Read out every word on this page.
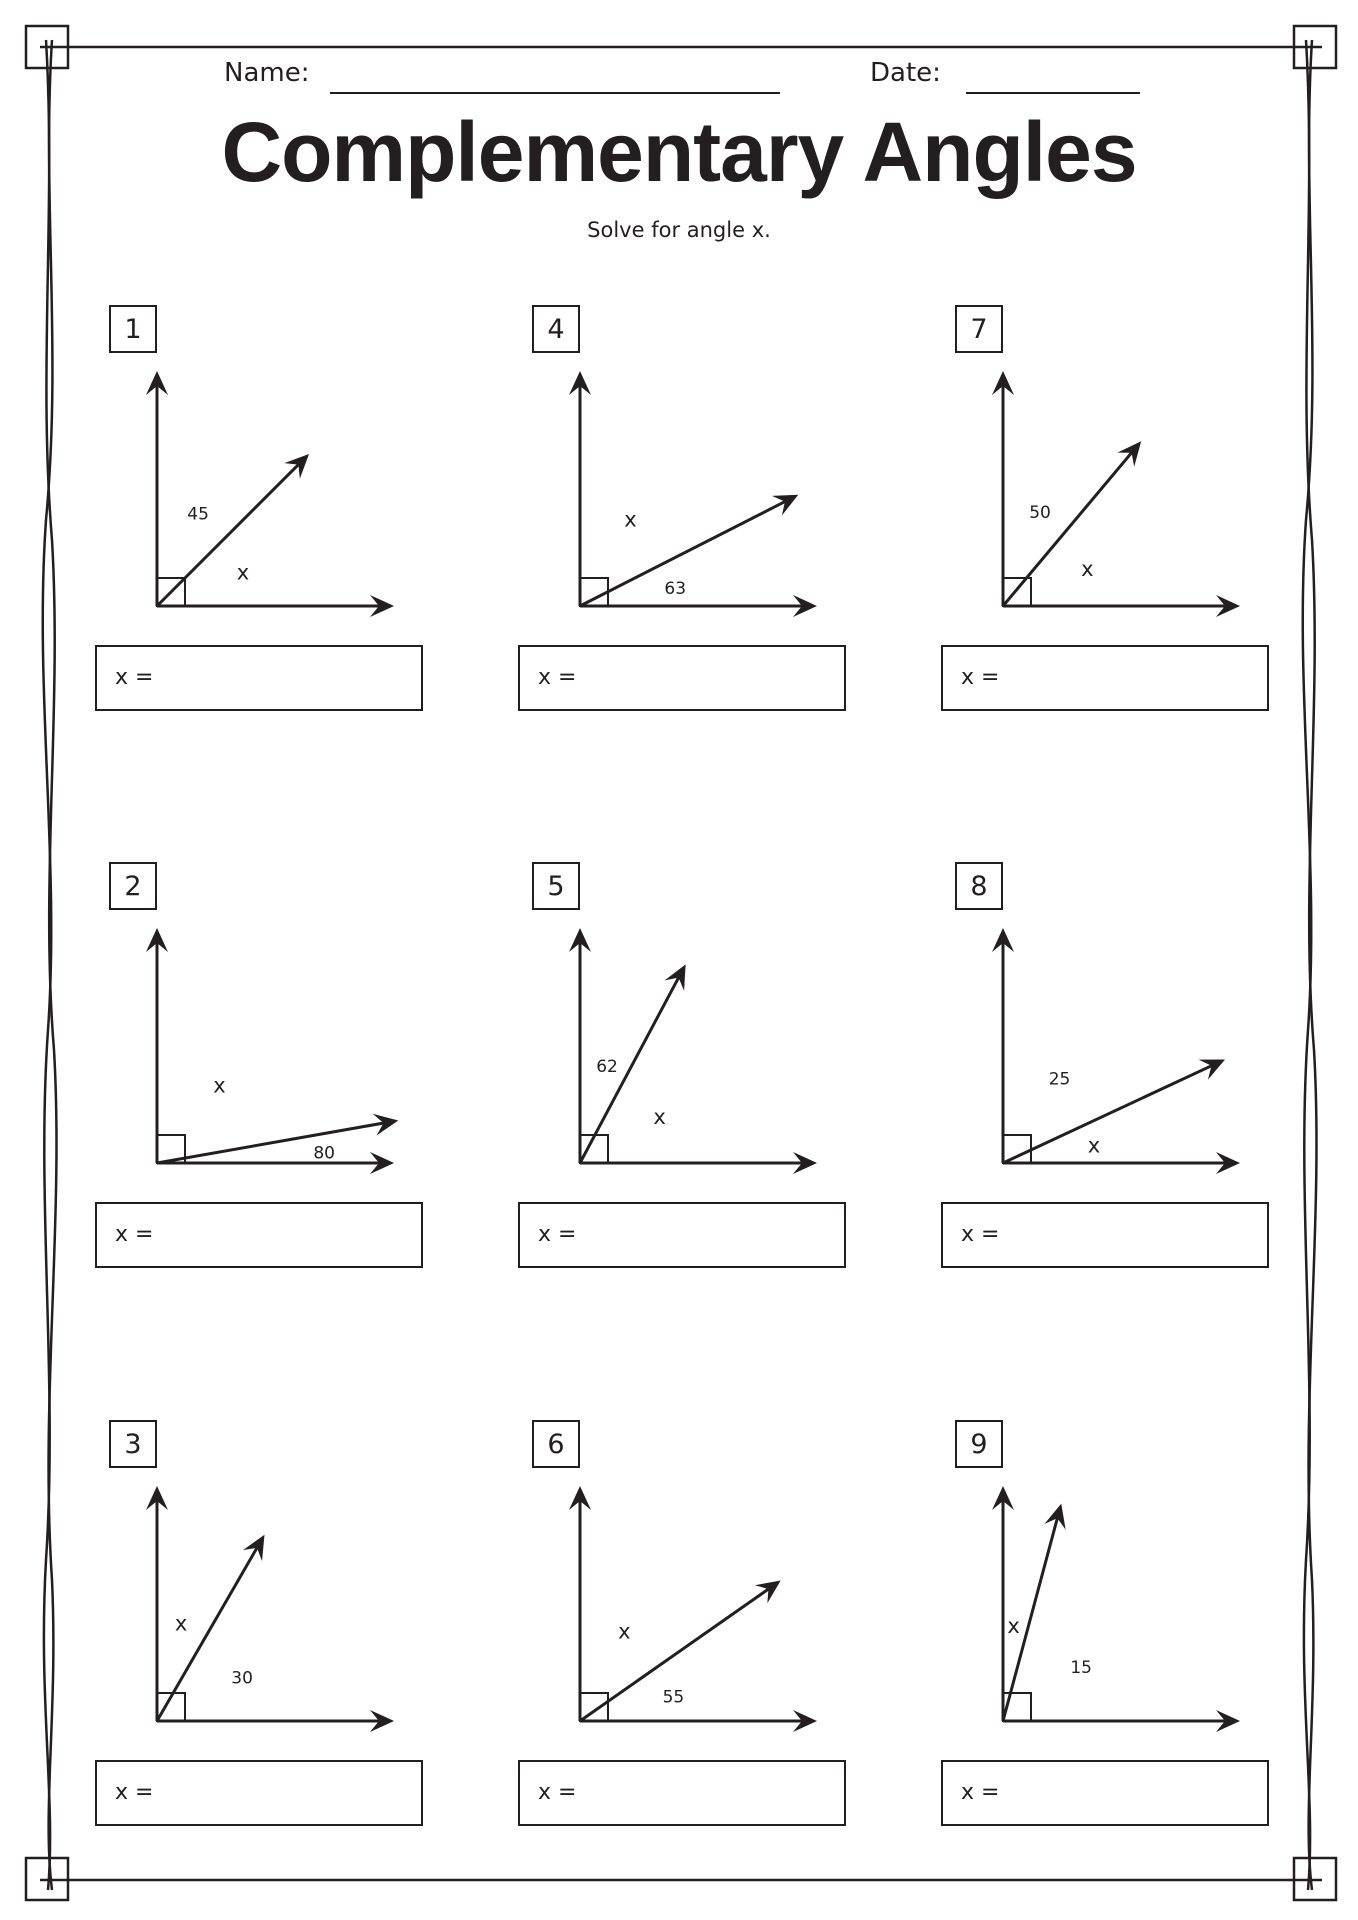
Name:	Date:
Complementary Angles
Solve for angle x.
1
45
x
x =
2
x
80
x =
3
x
30
x =
4
x
63
x =
5
62
x
x =
6
x
55
x =
7
50
x
x =
8
25
x
x =
9
x
15
x =
